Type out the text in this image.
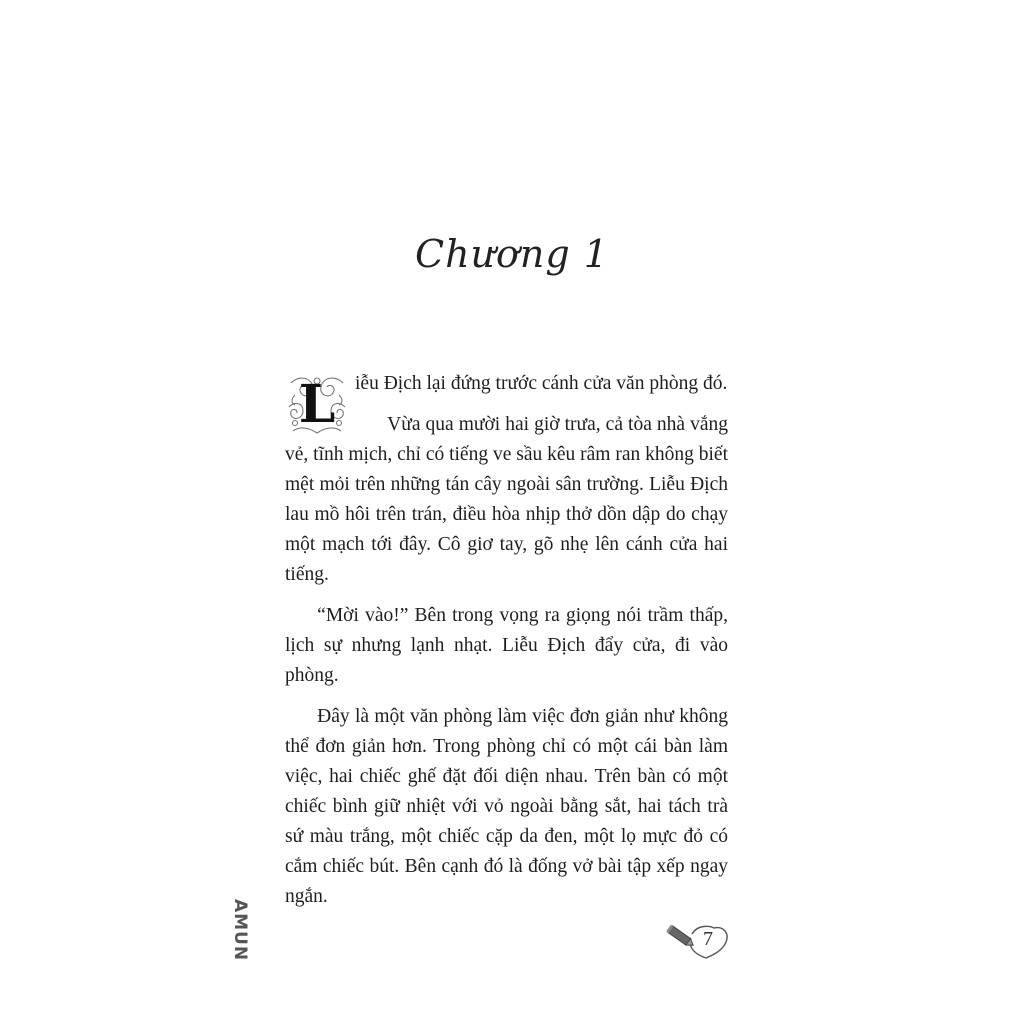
Chương 1

L	iễu Địch lại đứng trước cánh cửa văn phòng đó.

Vừa qua mười hai giờ trưa, cả tòa nhà vắng vẻ, tĩnh mịch, chỉ có tiếng ve sầu kêu râm ran không biết mệt mỏi trên những tán cây ngoài sân trường. Liễu Địch lau mồ hôi trên trán, điều hòa nhịp thở dồn dập do chạy một mạch tới đây. Cô giơ tay, gõ nhẹ lên cánh cửa hai tiếng.

“Mời vào!” Bên trong vọng ra giọng nói trầm thấp, lịch sự nhưng lạnh nhạt. Liễu Địch đẩy cửa, đi vào phòng.

Đây là một văn phòng làm việc đơn giản như không thể đơn giản hơn. Trong phòng chỉ có một cái bàn làm việc, hai chiếc ghế đặt đối diện nhau. Trên bàn có một chiếc bình giữ nhiệt với vỏ ngoài bằng sắt, hai tách trà sứ màu trắng, một chiếc cặp da đen, một lọ mực đỏ có cắm chiếc bút. Bên cạnh đó là đống vở bài tập xếp ngay ngắn.

AMUN	7
